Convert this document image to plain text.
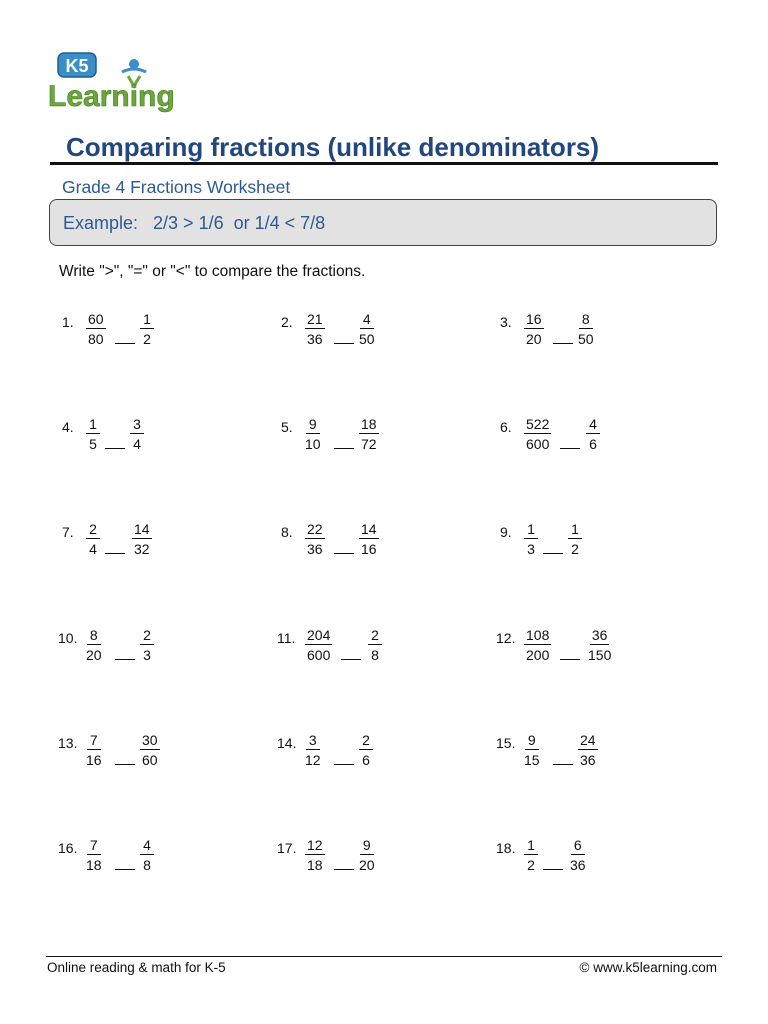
K5
Learning
Comparing fractions (unlike denominators)
Grade 4 Fractions Worksheet
Example:   2/3 > 1/6  or 1/4 < 7/8
Write ">", "=" or "<" to compare the fractions.
1. $\frac{60}{80} \frac{1}{2}$	2. $\frac{21}{36} \frac{4}{50}$	3. $\frac{16}{20} \frac{8}{50}$
4. $\frac{1}{5} \frac{3}{4}$	5. $\frac{9}{10}$	$\frac{18}{72}$	6. $\frac{522}{600} \frac{4}{6}$
7. $\frac{2}{4} \frac{14}{32}$	8. $\frac{22}{36} \frac{14}{16}$	9. $\frac{1}{3} \frac{1}{2}$
10. $\frac{8}{20}$	$\frac{2}{3}$	11. $\frac{204}{600}$	$\frac{2}{8}$	12. $\frac{108}{200}$	$\frac{36}{150}$
13. $\frac{7}{16}$	$\frac{30}{60}$	14. $\frac{3}{12}$	$\frac{2}{6}$	15. $\frac{9}{15}$	$\frac{24}{36}$
16. $\frac{7}{18}$	$\frac{4}{8}$	17. $\frac{12}{18} \frac{9}{20}$	18. $\frac{1}{2} \frac{6}{36}$
Online reading & math for K-5	© www.k5learning.com
